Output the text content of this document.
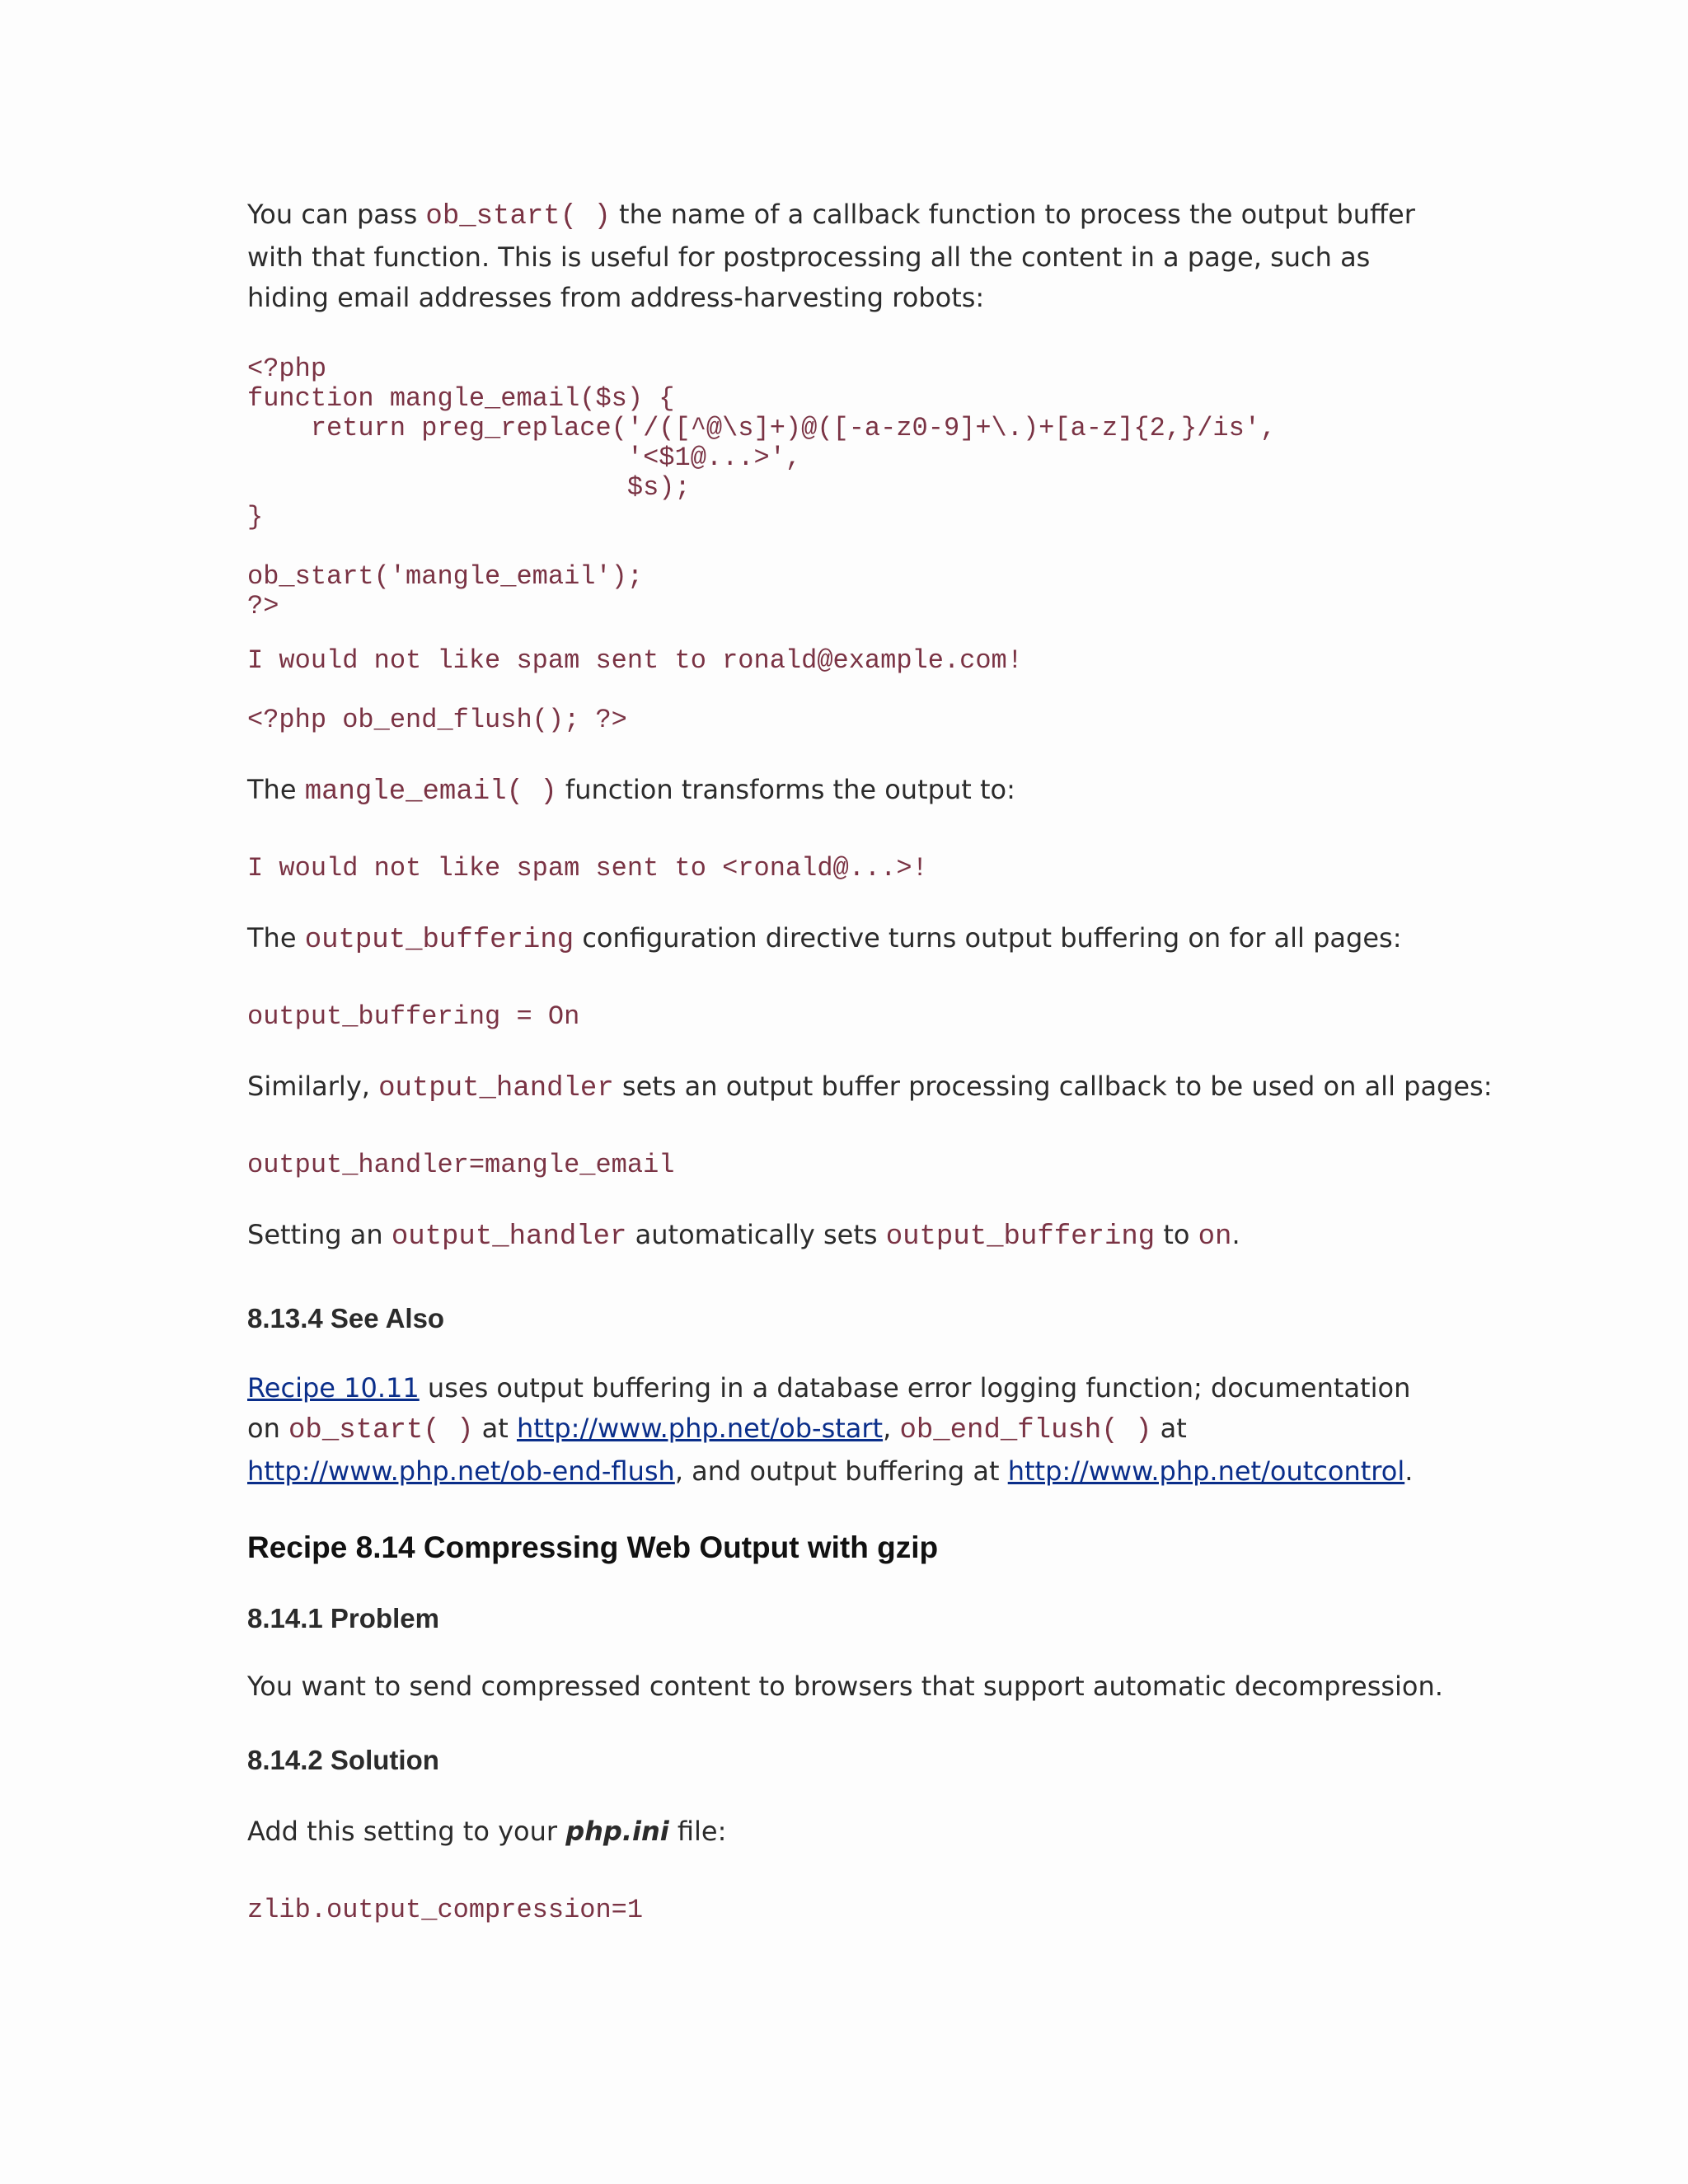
You can pass ob_start( ) the name of a callback function to process the output buffer with that function. This is useful for postprocessing all the content in a page, such as hiding email addresses from address-harvesting robots:

<?php
function mangle_email($s) {
return preg_replace('/([^@\s]+)@([-a-z0-9]+\.)+[a-z]{2,}/is',
'<$1@...>',
$s);
}

ob_start('mangle_email');
?>
I would not like spam sent to ronald@example.com!
<?php ob_end_flush(); ?>

The mangle_email( ) function transforms the output to:

I would not like spam sent to <ronald@...>!

The output_buffering configuration directive turns output buffering on for all pages:

output_buffering = On

Similarly, output_handler sets an output buffer processing callback to be used on all pages:

output_handler=mangle_email

Setting an output_handler automatically sets output_buffering to on.

8.13.4 See Also

Recipe 10.11 uses output buffering in a database error logging function; documentation on ob_start( ) at http://www.php.net/ob-start, ob_end_flush( ) at
http://www.php.net/ob-end-flush, and output buffering at http://www.php.net/outcontrol.

Recipe 8.14 Compressing Web Output with gzip
8.14.1 Problem

You want to send compressed content to browsers that support automatic decompression.

8.14.2 Solution

Add this setting to your php.ini file:

zlib.output_compression=1
